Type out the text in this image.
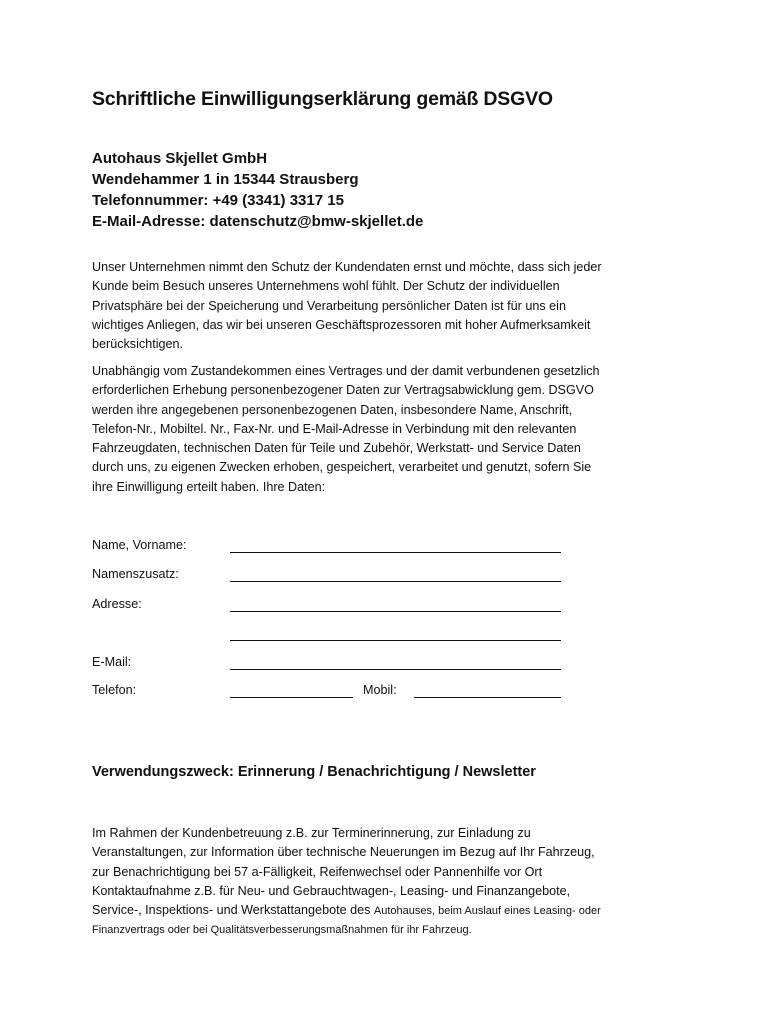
Schriftliche Einwilligungserklärung gemäß DSGVO
Autohaus Skjellet GmbH
Wendehammer 1 in 15344 Strausberg
Telefonnummer: +49 (3341) 3317 15
E-Mail-Adresse: datenschutz@bmw-skjellet.de
Unser Unternehmen nimmt den Schutz der Kundendaten ernst und möchte, dass sich jeder
Kunde beim Besuch unseres Unternehmens wohl fühlt. Der Schutz der individuellen
Privatsphäre bei der Speicherung und Verarbeitung persönlicher Daten ist für uns ein
wichtiges Anliegen, das wir bei unseren Geschäftsprozessoren mit hoher Aufmerksamkeit
berücksichtigen.
Unabhängig vom Zustandekommen eines Vertrages und der damit verbundenen gesetzlich
erforderlichen Erhebung personenbezogener Daten zur Vertragsabwicklung gem. DSGVO
werden ihre angegebenen personenbezogenen Daten, insbesondere Name, Anschrift,
Telefon-Nr., Mobiltel. Nr., Fax-Nr. und E-Mail-Adresse in Verbindung mit den relevanten
Fahrzeugdaten, technischen Daten für Teile und Zubehör, Werkstatt- und Service Daten
durch uns, zu eigenen Zwecken erhoben, gespeichert, verarbeitet und genutzt, sofern Sie
ihre Einwilligung erteilt haben. Ihre Daten:
Name, Vorname:
Namenszusatz:
Adresse:
E-Mail:
Telefon:	Mobil:
Verwendungszweck: Erinnerung / Benachrichtigung / Newsletter
Im Rahmen der Kundenbetreuung z.B. zur Terminerinnerung, zur Einladung zu
Veranstaltungen, zur Information über technische Neuerungen im Bezug auf Ihr Fahrzeug,
zur Benachrichtigung bei 57 a-Fälligkeit, Reifenwechsel oder Pannenhilfe vor Ort
Kontaktaufnahme z.B. für Neu- und Gebrauchtwagen-, Leasing- und Finanzangebote,
Service-, Inspektions- und Werkstattangebote des Autohauses, beim Auslauf eines Leasing- oder
Finanzvertrags oder bei Qualitätsverbesserungsmaßnahmen für ihr Fahrzeug.
